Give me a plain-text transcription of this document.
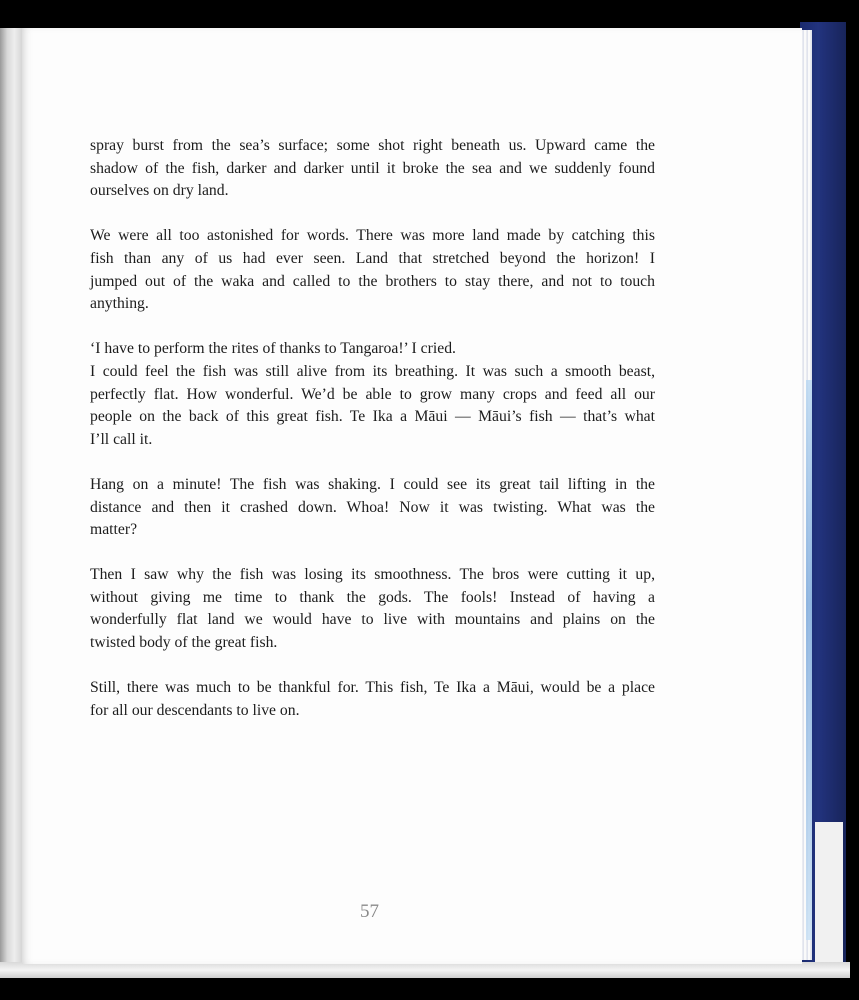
spray burst from the sea’s surface; some shot right beneath us. Upward came the
shadow of the fish, darker and darker until it broke the sea and we suddenly found
ourselves on dry land.

We were all too astonished for words. There was more land made by catching this
fish than any of us had ever seen. Land that stretched beyond the horizon! I
jumped out of the waka and called to the brothers to stay there, and not to touch
anything.

‘I have to perform the rites of thanks to Tangaroa!’ I cried.
I could feel the fish was still alive from its breathing. It was such a smooth beast,
perfectly flat. How wonderful. We’d be able to grow many crops and feed all our
people on the back of this great fish. Te Ika a Māui — Māui’s fish — that’s what
I’ll call it.

Hang on a minute! The fish was shaking. I could see its great tail lifting in the
distance and then it crashed down. Whoa! Now it was twisting. What was the
matter?

Then I saw why the fish was losing its smoothness. The bros were cutting it up,
without giving me time to thank the gods. The fools! Instead of having a
wonderfully flat land we would have to live with mountains and plains on the
twisted body of the great fish.

Still, there was much to be thankful for. This fish, Te Ika a Māui, would be a place
for all our descendants to live on.

57
